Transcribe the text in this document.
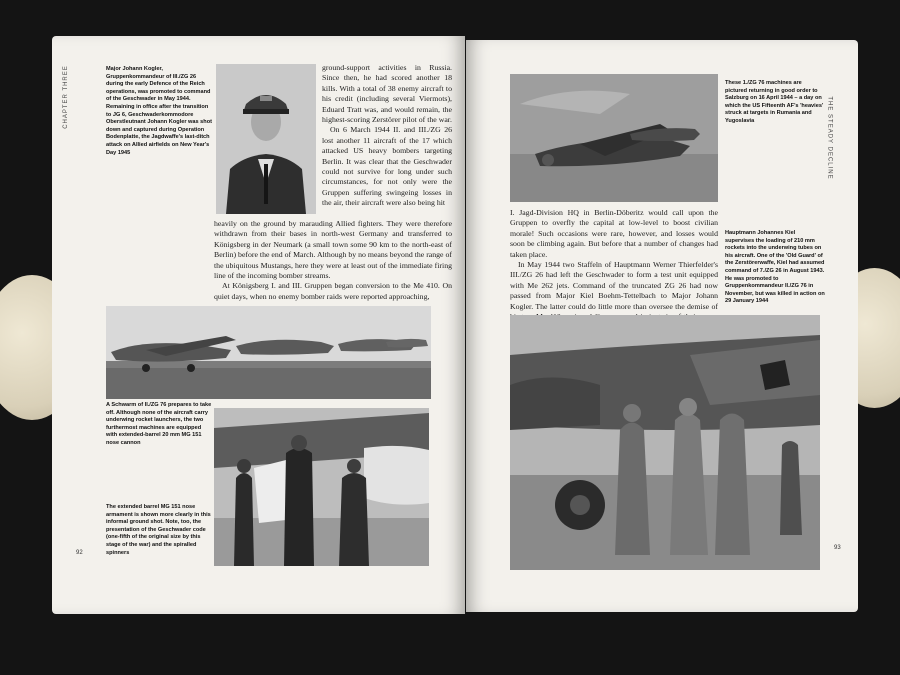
CHAPTER THREE	Major Johann Kogler, Gruppenkommandeur of III./ZG 26 during the early Defence of the Reich operations, was promoted to command of the Geschwader in May 1944. Remaining in office after the transition to JG 6, Geschwaderkommodore Oberstleutnant Johann Kogler was shot down and captured during Operation Bodenplatte, the Jagdwaffe's last-ditch attack on Allied airfields on New Year's Day 1945

ground-support activities in Russia. Since then, he had scored another 18 kills. With a total of 38 enemy aircraft to his credit (including several Viermots), Eduard Tratt was, and would remain, the highest-scoring Zerstörer pilot of the war.

On 6 March 1944 II. and III./ZG 26 lost another 11 aircraft of the 17 which attacked US heavy bombers targeting Berlin. It was clear that the Geschwader could not survive for long under such circumstances, for not only were the Gruppen suffering swingeing losses in the air, their aircraft were also being hit

heavily on the ground by marauding Allied fighters. They were therefore withdrawn from their bases in north-west Germany and transferred to Königsberg in der Neumark (a small town some 90 km to the north-east of Berlin) before the end of March. Although by no means beyond the range of the ubiquitous Mustangs, here they were at least out of the immediate firing line of the incoming bomber streams.

At Königsberg I. and III. Gruppen began conversion to the Me 410. On quiet days, when no enemy bomber raids were reported approaching,

A Schwarm of II./ZG 76 prepares to take off. Although none of the aircraft carry underwing rocket launchers, the two furthermost machines are equipped with extended-barrel 20 mm MG 151 nose cannon
The extended barrel MG 151 nose armament is shown more clearly in this informal ground shot. Note, too, the presentation of the Geschwader code (one-fifth of the original size by this stage of the war) and the spiralled spinners
92
These 1./ZG 76 machines are pictured returning in good order to Salzburg on 16 April 1944 – a day on which the US Fifteenth AF's 'heavies' struck at targets in Rumania and Yugoslavia	THE STEADY DECLINE

I. Jagd-Division HQ in Berlin-Döberitz would call upon the Gruppen to overfly the capital at low-level to boost civilian morale! Such occasions were rare, however, and losses would soon be climbing again. But before that a number of changes had taken place.

In May 1944 two Staffeln of Hauptmann Werner Thierfelder's III./ZG 26 had left the Geschwader to form a test unit equipped with Me 262 jets. Command of the truncated ZG 26 had now passed from Major Kiel Boehm-Tettelbach to Major Johann Kogler. The latter could do little more than oversee the demise of

Hauptmann Johannes Kiel supervises the loading of 210 mm rockets into the underwing tubes on his aircraft. One of the 'Old Guard' of the Zerstörerwaffe, Kiel had assumed command of 7./ZG 26 in August 1943. He was promoted to Gruppenkommandeur II./ZG 76 in November, but was killed in action on 29 January 1944
93
